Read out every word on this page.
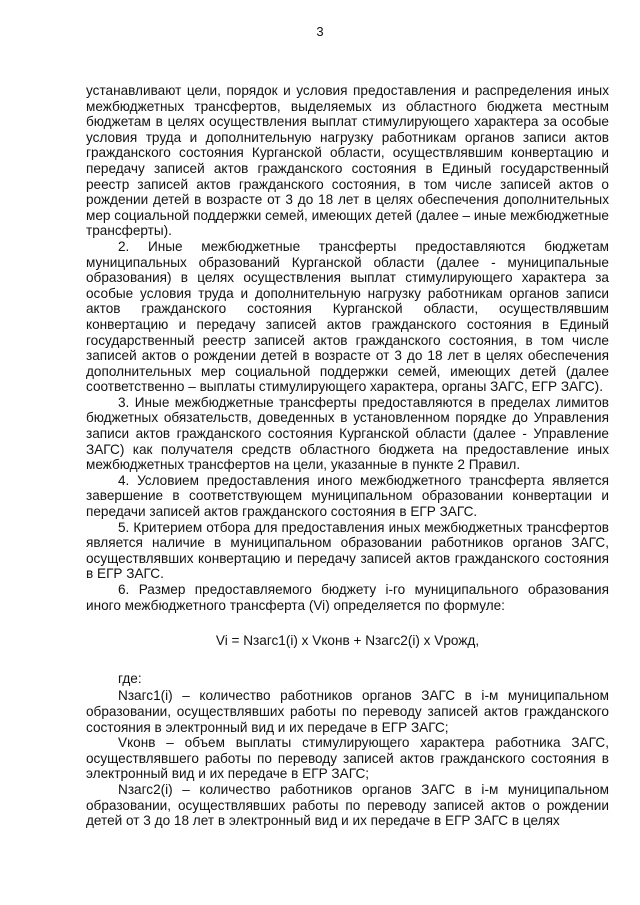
3

устанавливают цели, порядок и условия предоставления и распределения иных межбюджетных трансфертов, выделяемых из областного бюджета местным бюджетам в целях осуществления выплат стимулирующего характера за особые условия труда и дополнительную нагрузку работникам органов записи актов гражданского состояния Курганской области, осуществлявшим конвертацию и передачу записей актов гражданского состояния в Единый государственный реестр записей актов гражданского состояния, в том числе записей актов о рождении детей в возрасте от 3 до 18 лет в целях обеспечения дополнительных мер социальной поддержки семей, имеющих детей (далее – иные межбюджетные трансферты).

2. Иные межбюджетные трансферты предоставляются бюджетам муниципальных образований Курганской области (далее - муниципальные образования) в целях осуществления выплат стимулирующего характера за особые условия труда и дополнительную нагрузку работникам органов записи актов гражданского состояния Курганской области, осуществлявшим конвертацию и передачу записей актов гражданского состояния в Единый государственный реестр записей актов гражданского состояния, в том числе записей актов о рождении детей в возрасте от 3 до 18 лет в целях обеспечения дополнительных мер социальной поддержки семей, имеющих детей (далее соответственно – выплаты стимулирующего характера, органы ЗАГС, ЕГР ЗАГС).

3. Иные межбюджетные трансферты предоставляются в пределах лимитов бюджетных обязательств, доведенных в установленном порядке до Управления записи актов гражданского состояния Курганской области (далее - Управление ЗАГС) как получателя средств областного бюджета на предоставление иных межбюджетных трансфертов на цели, указанные в пункте 2 Правил.

4. Условием предоставления иного межбюджетного трансферта является завершение в соответствующем муниципальном образовании конвертации и передачи записей актов гражданского состояния в ЕГР ЗАГС.

5. Критерием отбора для предоставления иных межбюджетных трансфертов является наличие в муниципальном образовании работников органов ЗАГС, осуществлявших конвертацию и передачу записей актов гражданского состояния в ЕГР ЗАГС.

6. Размер предоставляемого бюджету i-го муниципального образования иного межбюджетного трансферта (Vi) определяется по формуле:

Vi = Nзагс1(i) x Vконв + Nзагс2(i) x Vрожд,

где:

Nзагс1(i) – количество работников органов ЗАГС в i-м муниципальном образовании, осуществлявших работы по переводу записей актов гражданского состояния в электронный вид и их передаче в ЕГР ЗАГС;

Vконв – объем выплаты стимулирующего характера работника ЗАГС, осуществлявшего работы по переводу записей актов гражданского состояния в электронный вид и их передаче в ЕГР ЗАГС;

Nзагс2(i) – количество работников органов ЗАГС в i-м муниципальном образовании, осуществлявших работы по переводу записей актов о рождении детей от 3 до 18 лет в электронный вид и их передаче в ЕГР ЗАГС в целях
